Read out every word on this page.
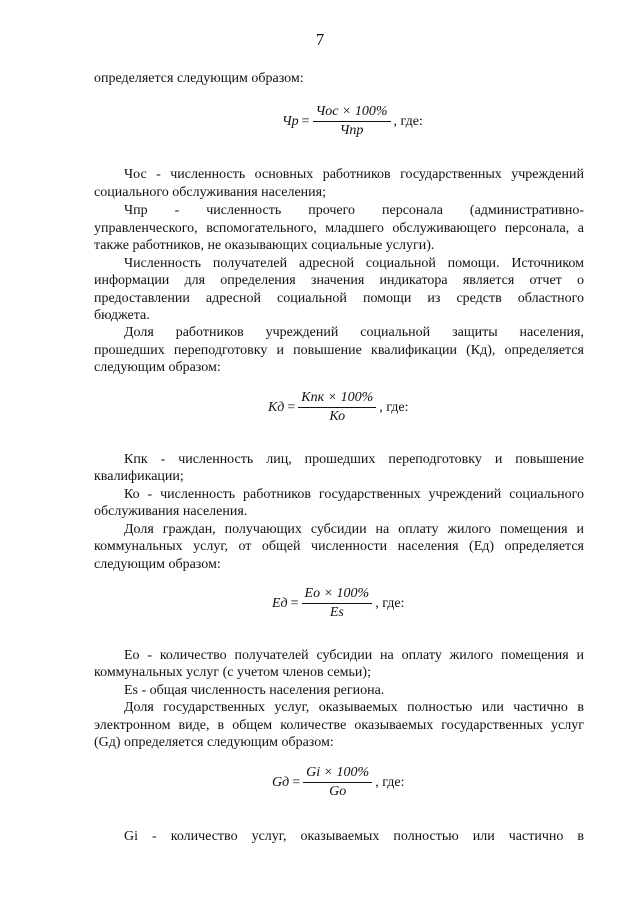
7
определяется следующим образом:
Чр = $\frac{\text{Чос × 100\%}}{\text{Чпр}}$ , где:
Чос - численность основных работников государственных учреждений
социального обслуживания населения;
Чпр - численность прочего персонала (административно-
управленческого, вспомогательного, младшего обслуживающего персонала, а
также работников, не оказывающих социальные услуги).
Численность получателей адресной социальной помощи. Источником
информации для определения значения индикатора является отчет о
предоставлении адресной социальной помощи из средств областного
бюджета.
Доля работников учреждений социальной защиты населения,
прошедших переподготовку и повышение квалификации (Кд), определяется
следующим образом:
Кд = $\frac{\text{Кпк × 100\%}}{Ко}$ , где:
Кпк - численность лиц, прошедших переподготовку и повышение
квалификации;
Ко - численность работников государственных учреждений социального
обслуживания населения.
Доля граждан, получающих субсидии на оплату жилого помещения и
коммунальных услуг, от общей численности населения (Ед) определяется
следующим образом:
Ед = $\frac{Ео \times 100\%}{Es}$ , где:
Ео - количество получателей субсидии на оплату жилого помещения и
коммунальных услуг (с учетом членов семьи);
Es - общая численность населения региона.
Доля государственных услуг, оказываемых полностью или частично в
электронном виде, в общем количестве оказываемых государственных услуг
(Gд) определяется следующим образом:
Gд = $\frac{Gi \times 100\%}{Go}$ , где:
Gi - количество услуг, оказываемых полностью или частично в
